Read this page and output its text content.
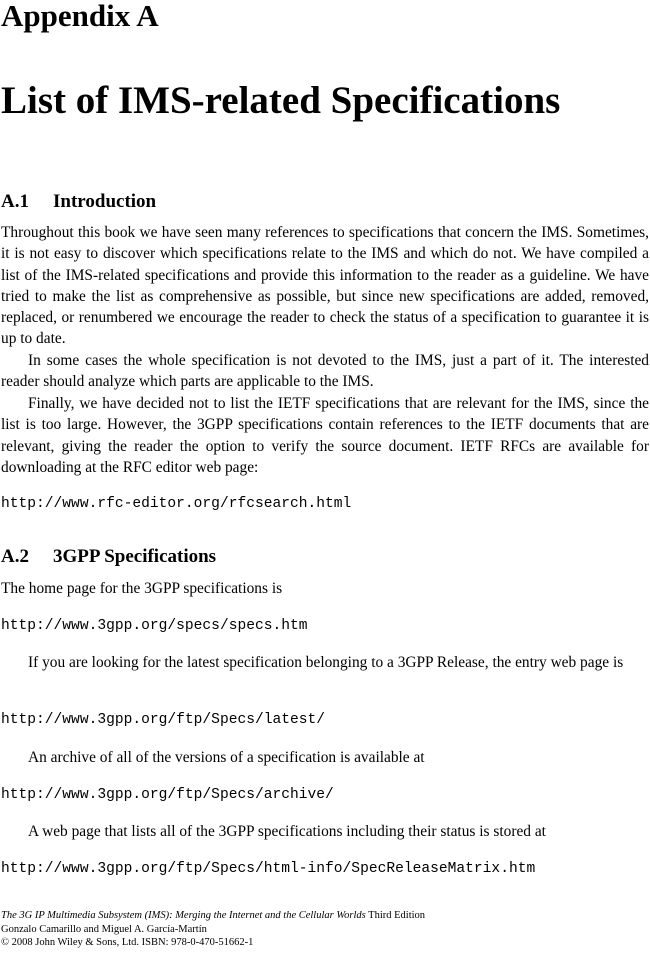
Appendix A
List of IMS-related Specifications
A.1 Introduction

Throughout this book we have seen many references to specifications that concern the IMS. Sometimes, it is not easy to discover which specifications relate to the IMS and which do not. We have compiled a list of the IMS-related specifications and provide this information to the reader as a guideline. We have tried to make the list as comprehensive as possible, but since new specifications are added, removed, replaced, or renumbered we encourage the reader to check the status of a specification to guarantee it is up to date.

In some cases the whole specification is not devoted to the IMS, just a part of it. The interested reader should analyze which parts are applicable to the IMS.

Finally, we have decided not to list the IETF specifications that are relevant for the IMS, since the list is too large. However, the 3GPP specifications contain references to the IETF documents that are relevant, giving the reader the option to verify the source document. IETF RFCs are available for downloading at the RFC editor web page:

http://www.rfc-editor.org/rfcsearch.html
A.2 3GPP Specifications

The home page for the 3GPP specifications is

http://www.3gpp.org/specs/specs.htm

If you are looking for the latest specification belonging to a 3GPP Release, the entry web page is

http://www.3gpp.org/ftp/Specs/latest/

An archive of all of the versions of a specification is available at

http://www.3gpp.org/ftp/Specs/archive/

A web page that lists all of the 3GPP specifications including their status is stored at

http://www.3gpp.org/ftp/Specs/html-info/SpecReleaseMatrix.htm
The 3G IP Multimedia Subsystem (IMS): Merging the Internet and the Cellular Worlds Third Edition
Gonzalo Camarillo and Miguel A. García-Martín
© 2008 John Wiley & Sons, Ltd. ISBN: 978-0-470-51662-1
